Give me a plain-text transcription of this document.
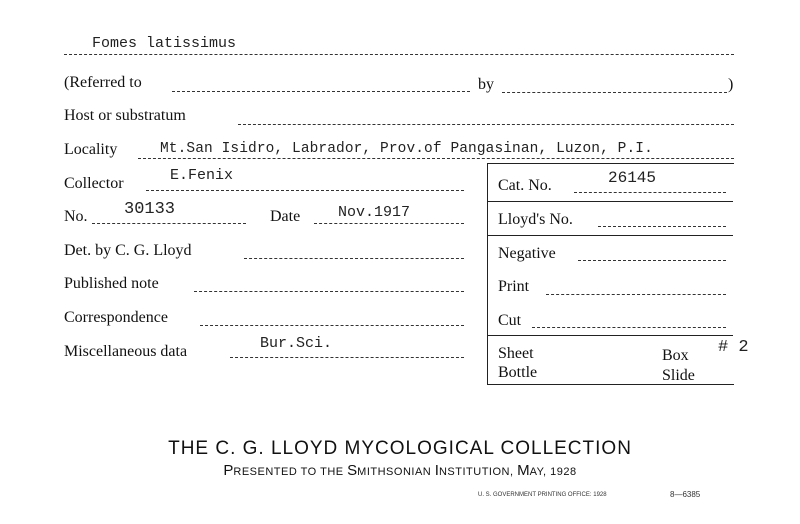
Fomes latissimus
(Referred to	by	)
Host or substratum
Locality	Mt.San Isidro, Labrador, Prov.of Pangasinan, Luzon, P.I.
Collector	E.Fenix
No. 30133	Date	Nov.1917
Det. by C. G. Lloyd
Published note
Correspondence
Miscellaneous data	Bur.Sci.
Cat. No.	26145
Lloyd's No.
Negative
Print
Cut
Sheet
Bottle
Box
Slide
# 2
THE C. G. LLOYD MYCOLOGICAL COLLECTION
PRESENTED TO THE SMITHSONIAN INSTITUTION, MAY, 1928
U. S. GOVERNMENT PRINTING OFFICE: 1928	8—6385
